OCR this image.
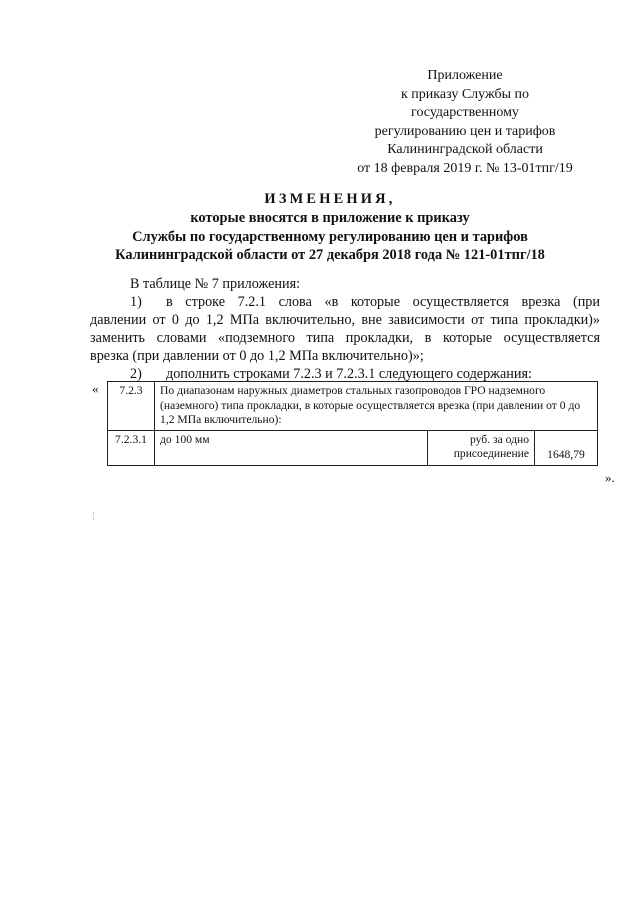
Приложение
к приказу Службы по
государственному
регулированию цен и тарифов
Калининградской области
от 18 февраля 2019 г. № 13-01тпг/19
ИЗМЕНЕНИЯ,
которые вносятся в приложение к приказу
Службы по государственному регулированию цен и тарифов
Калининградской области от 27 декабря 2018 года № 121-01тпг/18

В таблице № 7 приложения:

1)	в строке 7.2.1 слова «в которые осуществляется врезка (при

давлении от 0 до 1,2 МПа включительно, вне зависимости от типа прокладки)»

заменить словами «подземного типа прокладки, в которые осуществляется

врезка (при давлении от 0 до 1,2 МПа включительно)»;

2)	дополнить строками 7.2.3 и 7.2.3.1 следующего содержания:
« 7.2.3	По диапазонам наружных диаметров стальных газопроводов ГРО надземного (наземного) типа прокладки, в которые осуществляется врезка (при давлении от 0 до 1,2 МПа включительно):		
7.2.3.1	до 100 мм	руб. за одно присоединение	1648,79
».
